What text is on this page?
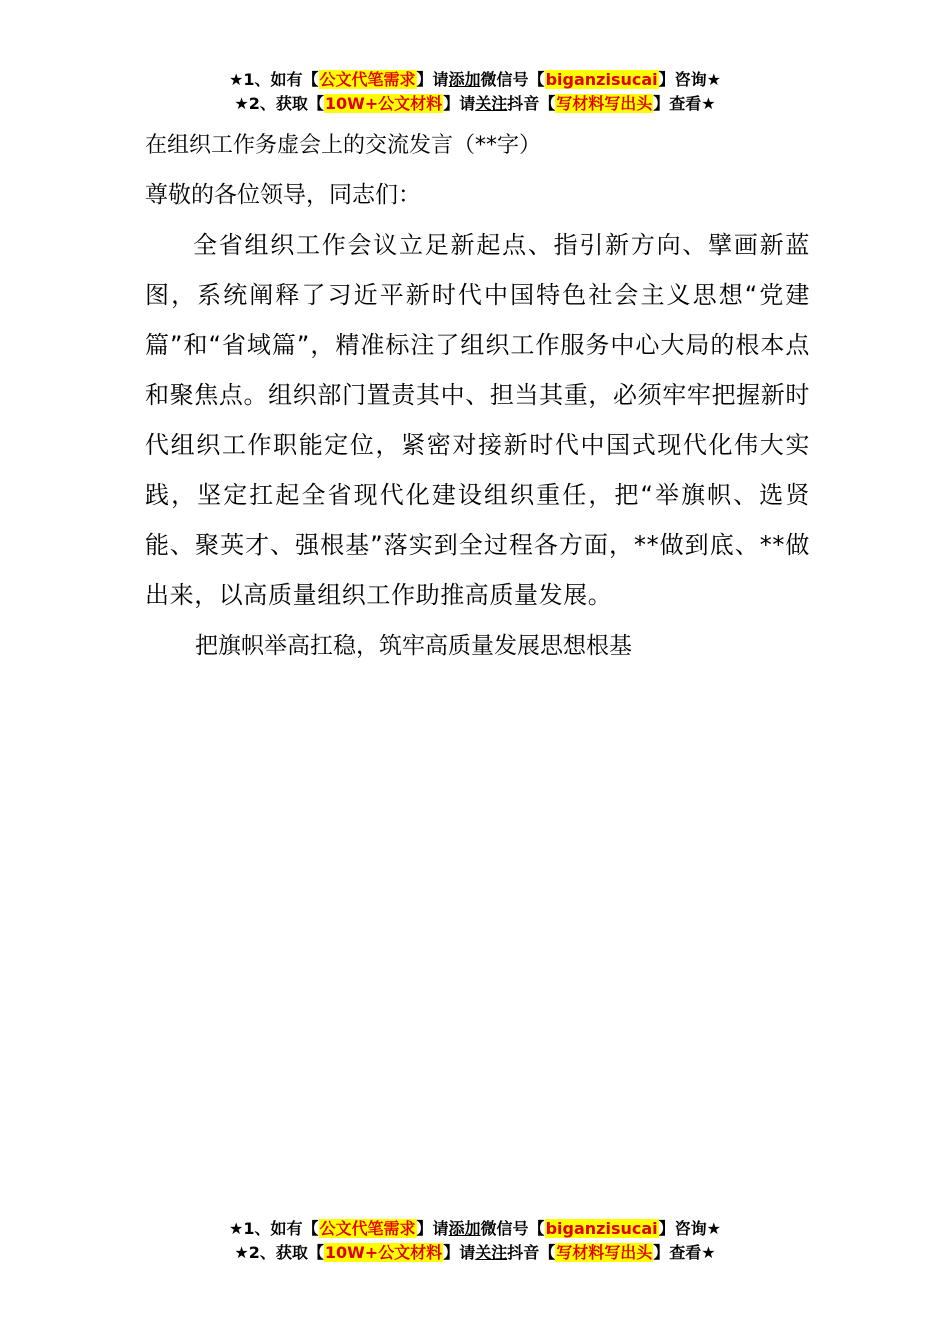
★1、如有【公文代笔需求】请添加微信号【biganzisucai】咨询★
★2、获取【10W+公文材料】请关注抖音【写材料写出头】查看★

在组织工作务虚会上的交流发言（**字）

尊敬的各位领导，同志们：

全省组织工作会议立足新起点、指引新方向、擘画新蓝图，系统阐释了习近平新时代中国特色社会主义思想“党建篇”和“省域篇”，精准标注了组织工作服务中心大局的根本点和聚焦点。组织部门置责其中、担当其重，必须牢牢把握新时代组织工作职能定位，紧密对接新时代中国式现代化伟大实践，坚定扛起全省现代化建设组织重任，把“举旗帜、选贤能、聚英才、强根基”落实到全过程各方面，**做到底、**做出来，以高质量组织工作助推高质量发展。

把旗帜举高扛稳，筑牢高质量发展思想根基

★1、如有【公文代笔需求】请添加微信号【biganzisucai】咨询★
★2、获取【10W+公文材料】请关注抖音【写材料写出头】查看★
